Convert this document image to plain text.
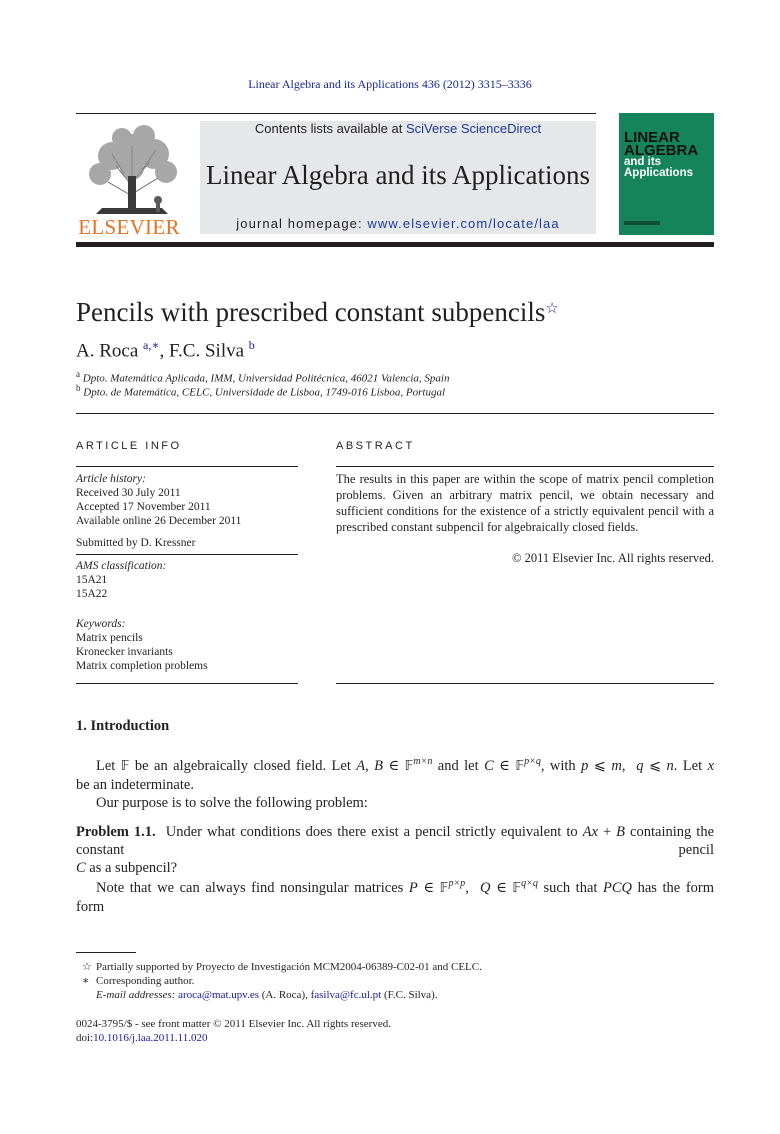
Linear Algebra and its Applications 436 (2012) 3315–3336
ELSEVIER
Contents lists available at SciVerse ScienceDirect
Linear Algebra and its Applications
journal homepage: www.elsevier.com/locate/laa
LINEAR
ALGEBRA
and its
Applications
Pencils with prescribed constant subpencils☆
A. Roca $^{a,∗}$, F.C. Silva $^b$
$^a$ Dpto. Matemática Aplicada, IMM, Universidad Politécnica, 46021 Valencia, Spain
$^b$ Dpto. de Matemática, CELC, Universidade de Lisboa, 1749-016 Lisboa, Portugal
ARTICLE INFO
Article history:
Received 30 July 2011
Accepted 17 November 2011
Available online 26 December 2011
Submitted by D. Kressner
AMS classification:
15A21
15A22
Keywords:
Matrix pencils
Kronecker invariants
Matrix completion problems
ABSTRACT
The results in this paper are within the scope of matrix pencil completion problems. Given an arbitrary matrix pencil, we obtain necessary and sufficient conditions for the existence of a strictly equivalent pencil with a prescribed constant subpencil for algebraically closed fields.
© 2011 Elsevier Inc. All rights reserved.
1. Introduction
Let 𝔽 be an algebraically closed field. Let A, B ∈ 𝔽$^{m\times n}$ and let C ∈ 𝔽$^{p\times q}$, with p ⩽ m,  q ⩽ n. Let x
be an indeterminate.
Our purpose is to solve the following problem:
Problem 1.1. Under what conditions does there exist a pencil strictly equivalent to Ax + B containing the constant pencil
C as a subpencil?
Note that we can always find nonsingular matrices P ∈ 𝔽$^{p\times p}$,  Q ∈ 𝔽$^{q\times q}$ such that PCQ has the form
form
☆ Partially supported by Proyecto de Investigación MCM2004-06389-C02-01 and CELC.
∗ Corresponding author.
E-mail addresses: aroca@mat.upv.es (A. Roca), fasilva@fc.ul.pt (F.C. Silva).
0024-3795/$ - see front matter © 2011 Elsevier Inc. All rights reserved.
doi:10.1016/j.laa.2011.11.020
